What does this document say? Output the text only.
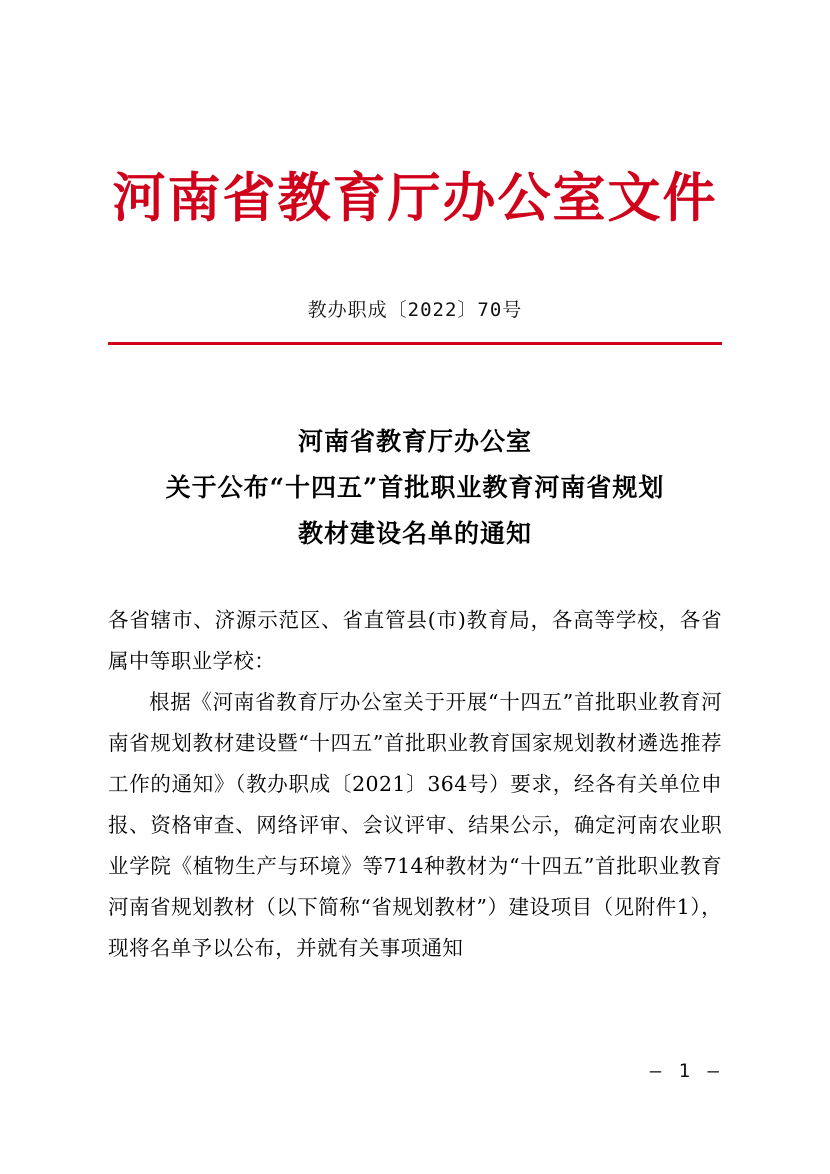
河南省教育厅办公室文件
教办职成〔2022〕70号
河南省教育厅办公室
关于公布“十四五”首批职业教育河南省规划
教材建设名单的通知

各省辖市、济源示范区、省直管县(市)教育局，各高等学校，各省属中等职业学校：

根据《河南省教育厅办公室关于开展“十四五”首批职业教育河南省规划教材建设暨“十四五”首批职业教育国家规划教材遴选推荐工作的通知》（教办职成〔2021〕364号）要求，经各有关单位申报、资格审查、网络评审、会议评审、结果公示，确定河南农业职业学院《植物生产与环境》等714种教材为“十四五”首批职业教育河南省规划教材（以下简称“省规划教材”）建设项目（见附件1），现将名单予以公布，并就有关事项通知

— 1 —
